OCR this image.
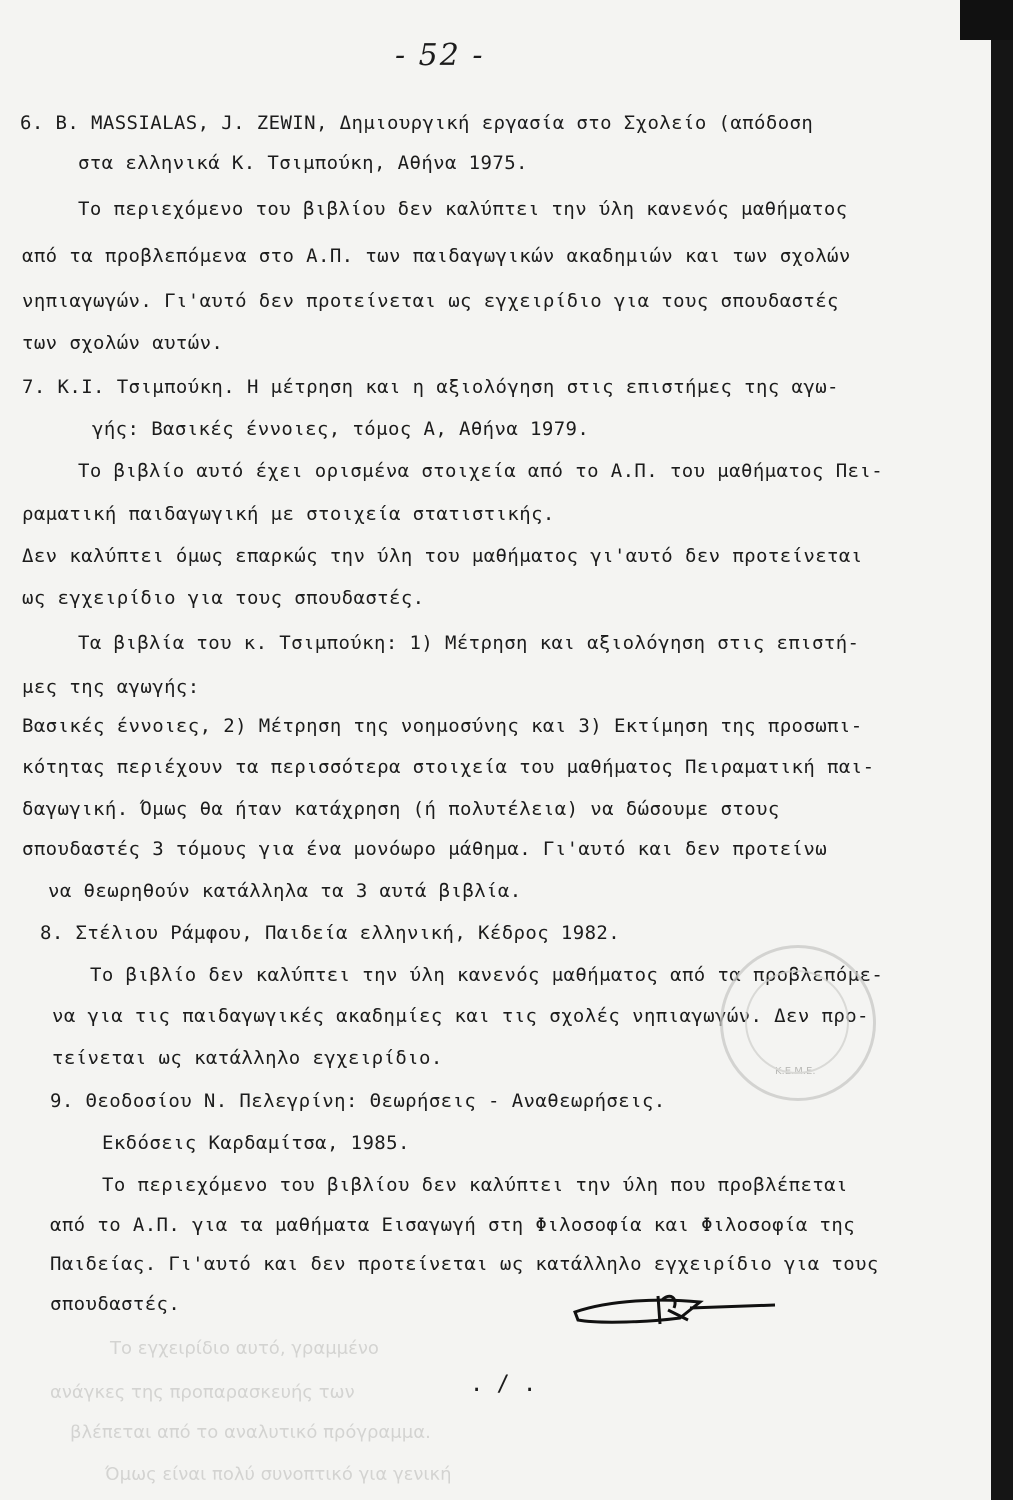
- 52 -
6. B. MASSIALAS, J. ZEWIN, Δημιουργική εργασία στο Σχολείο (απόδοση
στα ελληνικά Κ. Τσιμπούκη, Αθήνα 1975.
Το περιεχόμενο του βιβλίου δεν καλύπτει την ύλη κανενός μαθήματος
από τα προβλεπόμενα στο Α.Π. των παιδαγωγικών ακαδημιών και των σχολών
νηπιαγωγών. Γι'αυτό δεν προτείνεται ως εγχειρίδιο για τους σπουδαστές
των σχολών αυτών.
7. Κ.Ι. Τσιμπούκη. Η μέτρηση και η αξιολόγηση στις επιστήμες της αγω-
γής: Βασικές έννοιες, τόμος Α, Αθήνα 1979.
Το βιβλίο αυτό έχει ορισμένα στοιχεία από το Α.Π. του μαθήματος Πει-
ραματική παιδαγωγική με στοιχεία στατιστικής.
Δεν καλύπτει όμως επαρκώς την ύλη του μαθήματος γι'αυτό δεν προτείνεται
ως εγχειρίδιο για τους σπουδαστές.
Τα βιβλία του κ. Τσιμπούκη: 1) Μέτρηση και αξιολόγηση στις επιστή-
μες της αγωγής:
Βασικές έννοιες, 2) Μέτρηση της νοημοσύνης και 3) Εκτίμηση της προσωπι-
κότητας περιέχουν τα περισσότερα στοιχεία του μαθήματος Πειραματική παι-
δαγωγική. Όμως θα ήταν κατάχρηση (ή πολυτέλεια) να δώσουμε στους
σπουδαστές 3 τόμους για ένα μονόωρο μάθημα. Γι'αυτό και δεν προτείνω
να θεωρηθούν κατάλληλα τα 3 αυτά βιβλία.
8. Στέλιου Ράμφου, Παιδεία ελληνική, Κέδρος 1982.
Το βιβλίο δεν καλύπτει την ύλη κανενός μαθήματος από τα προβλεπόμε-
να για τις παιδαγωγικές ακαδημίες και τις σχολές νηπιαγωγών. Δεν προ-
τείνεται ως κατάλληλο εγχειρίδιο.
9. Θεοδοσίου Ν. Πελεγρίνη: Θεωρήσεις - Αναθεωρήσεις.
Εκδόσεις Καρδαμίτσα, 1985.
Το περιεχόμενο του βιβλίου δεν καλύπτει την ύλη που προβλέπεται
από το Α.Π. για τα μαθήματα Εισαγωγή στη Φιλοσοφία και Φιλοσοφία της
Παιδείας. Γι'αυτό και δεν προτείνεται ως κατάλληλο εγχειρίδιο για τους
σπουδαστές.
Κ.Ε.Μ.Ε.
Το εγχειρίδιο αυτό, γραμμένο
ανάγκες της προπαρασκευής των
βλέπεται από το αναλυτικό πρόγραμμα.
Όμως είναι πολύ συνοπτικό για γενική
. / .
